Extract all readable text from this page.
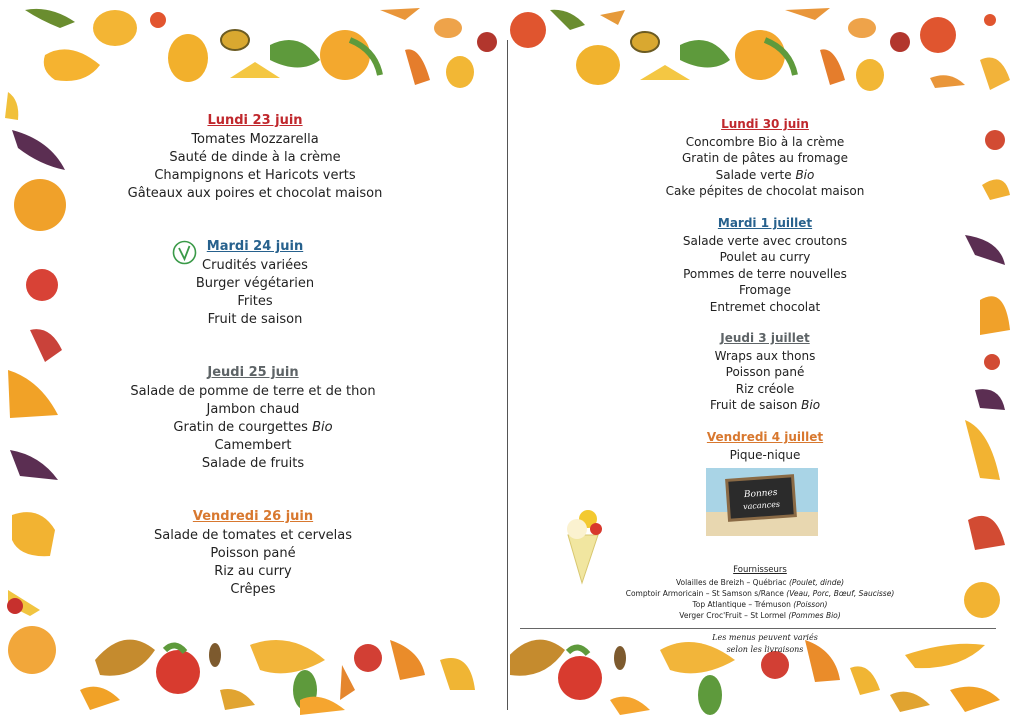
Lundi 23 juin
Tomates Mozzarella
Sauté de dinde à la crème
Champignons et Haricots verts
Gâteaux aux poires et chocolat maison
Mardi 24 juin
Crudités variées
Burger végétarien
Frites
Fruit de saison
Jeudi 25 juin
Salade de pomme de terre et de thon
Jambon chaud
Gratin de courgettes Bio
Camembert
Salade de fruits
Vendredi 26 juin
Salade de tomates et cervelas
Poisson pané
Riz au curry
Crêpes
Lundi 30 juin
Concombre Bio à la crème
Gratin de pâtes au fromage
Salade verte Bio
Cake pépites de chocolat maison
Mardi 1 juillet
Salade verte avec croutons
Poulet au curry
Pommes de terre nouvelles
Fromage
Entremet chocolat
Jeudi 3 juillet
Wraps aux thons
Poisson pané
Riz créole
Fruit de saison Bio
Vendredi 4 juillet
Pique-nique
Bonnes
vacances
Fournisseurs
Volailles de Breizh – Québriac (Poulet, dinde)
Comptoir Armoricain – St Samson s/Rance (Veau, Porc, Bœuf, Saucisse)
Top Atlantique – Trémuson (Poisson)
Verger Croc'Fruit – St Lormel (Pommes Bio)
Les menus peuvent variés
selon les livraisons
